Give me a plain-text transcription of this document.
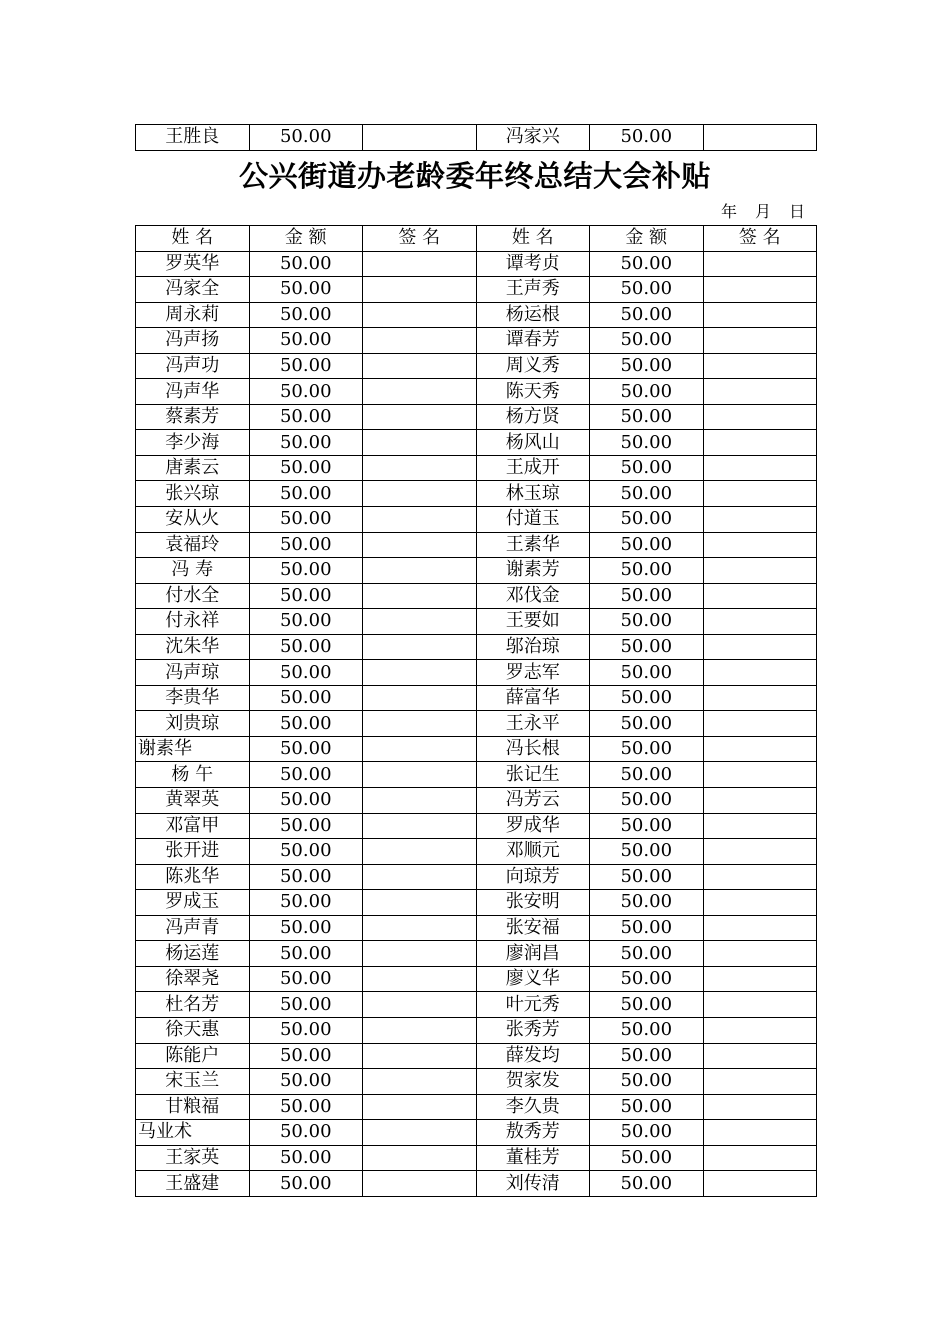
王胜良	50.00		冯家兴	50.00	
公兴街道办老龄委年终总结大会补贴
年　月　日
姓 名	金 额	签 名	姓 名	金 额	签 名
罗英华	50.00		谭考贞	50.00	
冯家全	50.00		王声秀	50.00	
周永莉	50.00		杨运根	50.00	
冯声扬	50.00		谭春芳	50.00	
冯声功	50.00		周义秀	50.00	
冯声华	50.00		陈天秀	50.00	
蔡素芳	50.00		杨方贤	50.00	
李少海	50.00		杨风山	50.00	
唐素云	50.00		王成开	50.00	
张兴琼	50.00		林玉琼	50.00	
安从火	50.00		付道玉	50.00	
袁福玲	50.00		王素华	50.00	
冯 寿	50.00		谢素芳	50.00	
付水全	50.00		邓伐金	50.00	
付永祥	50.00		王要如	50.00	
沈朱华	50.00		邬治琼	50.00	
冯声琼	50.00		罗志军	50.00	
李贵华	50.00		薛富华	50.00	
刘贵琼	50.00		王永平	50.00	
谢素华	50.00		冯长根	50.00	
杨 午	50.00		张记生	50.00	
黄翠英	50.00		冯芳云	50.00	
邓富甲	50.00		罗成华	50.00	
张开进	50.00		邓顺元	50.00	
陈兆华	50.00		向琼芳	50.00	
罗成玉	50.00		张安明	50.00	
冯声青	50.00		张安福	50.00	
杨运莲	50.00		廖润昌	50.00	
徐翠尧	50.00		廖义华	50.00	
杜名芳	50.00		叶元秀	50.00	
徐天惠	50.00		张秀芳	50.00	
陈能户	50.00		薛发均	50.00	
宋玉兰	50.00		贺家发	50.00	
甘粮福	50.00		李久贵	50.00	
马业术	50.00		敖秀芳	50.00	
王家英	50.00		董桂芳	50.00	
王盛建	50.00		刘传清	50.00	
